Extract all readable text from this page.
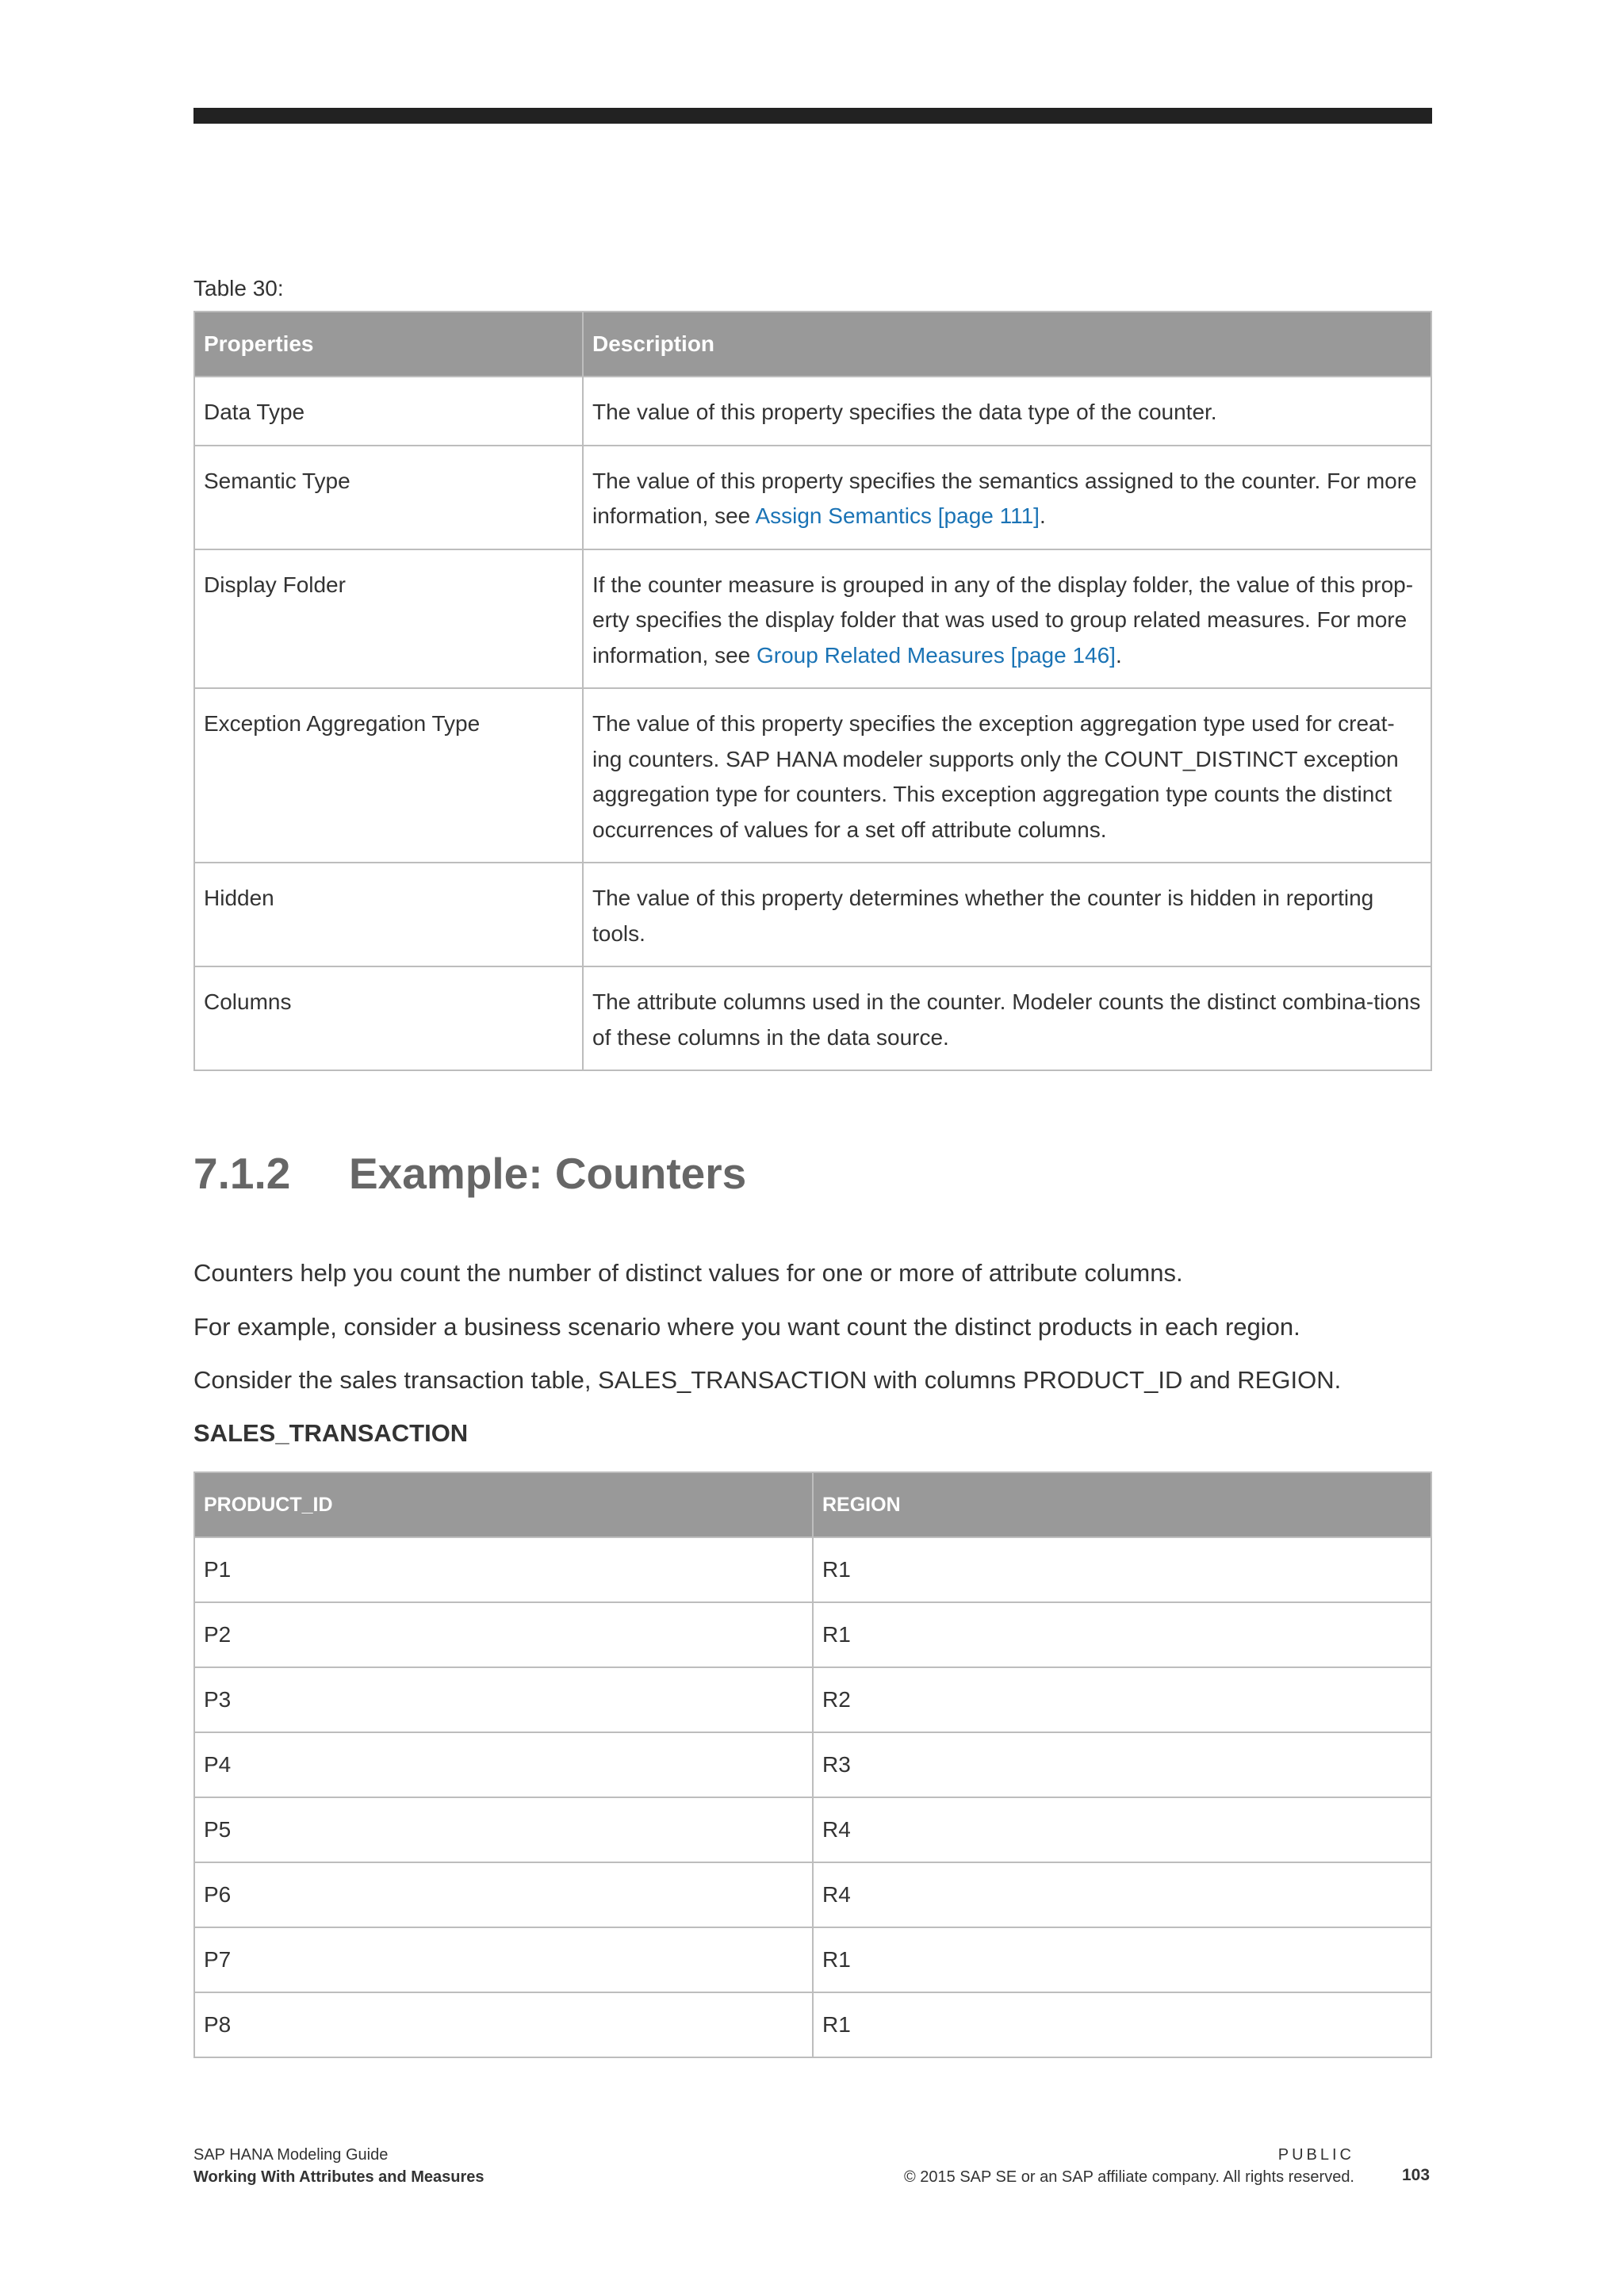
Table 30:
Properties	Description
Data Type	The value of this property specifies the data type of the counter.
Semantic Type	The value of this property specifies the semantics assigned to the counter. For more information, see Assign Semantics [page 111].
Display Folder	If the counter measure is grouped in any of the display folder, the value of this prop-erty specifies the display folder that was used to group related measures. For more information, see Group Related Measures [page 146].
Exception Aggregation Type	The value of this property specifies the exception aggregation type used for creat-ing counters. SAP HANA modeler supports only the COUNT_DISTINCT exception aggregation type for counters. This exception aggregation type counts the distinct occurrences of values for a set off attribute columns.
Hidden	The value of this property determines whether the counter is hidden in reporting tools.
Columns	The attribute columns used in the counter. Modeler counts the distinct combina-tions of these columns in the data source.
7.1.2 Example: Counters
Counters help you count the number of distinct values for one or more of attribute columns.
For example, consider a business scenario where you want count the distinct products in each region.
Consider the sales transaction table, SALES_TRANSACTION with columns PRODUCT_ID and REGION.
SALES_TRANSACTION
PRODUCT_ID	REGION
P1	R1
P2	R1
P3	R2
P4	R3
P5	R4
P6	R4
P7	R1
P8	R1
SAP HANA Modeling Guide
Working With Attributes and Measures
PUBLIC
© 2015 SAP SE or an SAP affiliate company. All rights reserved.	103
